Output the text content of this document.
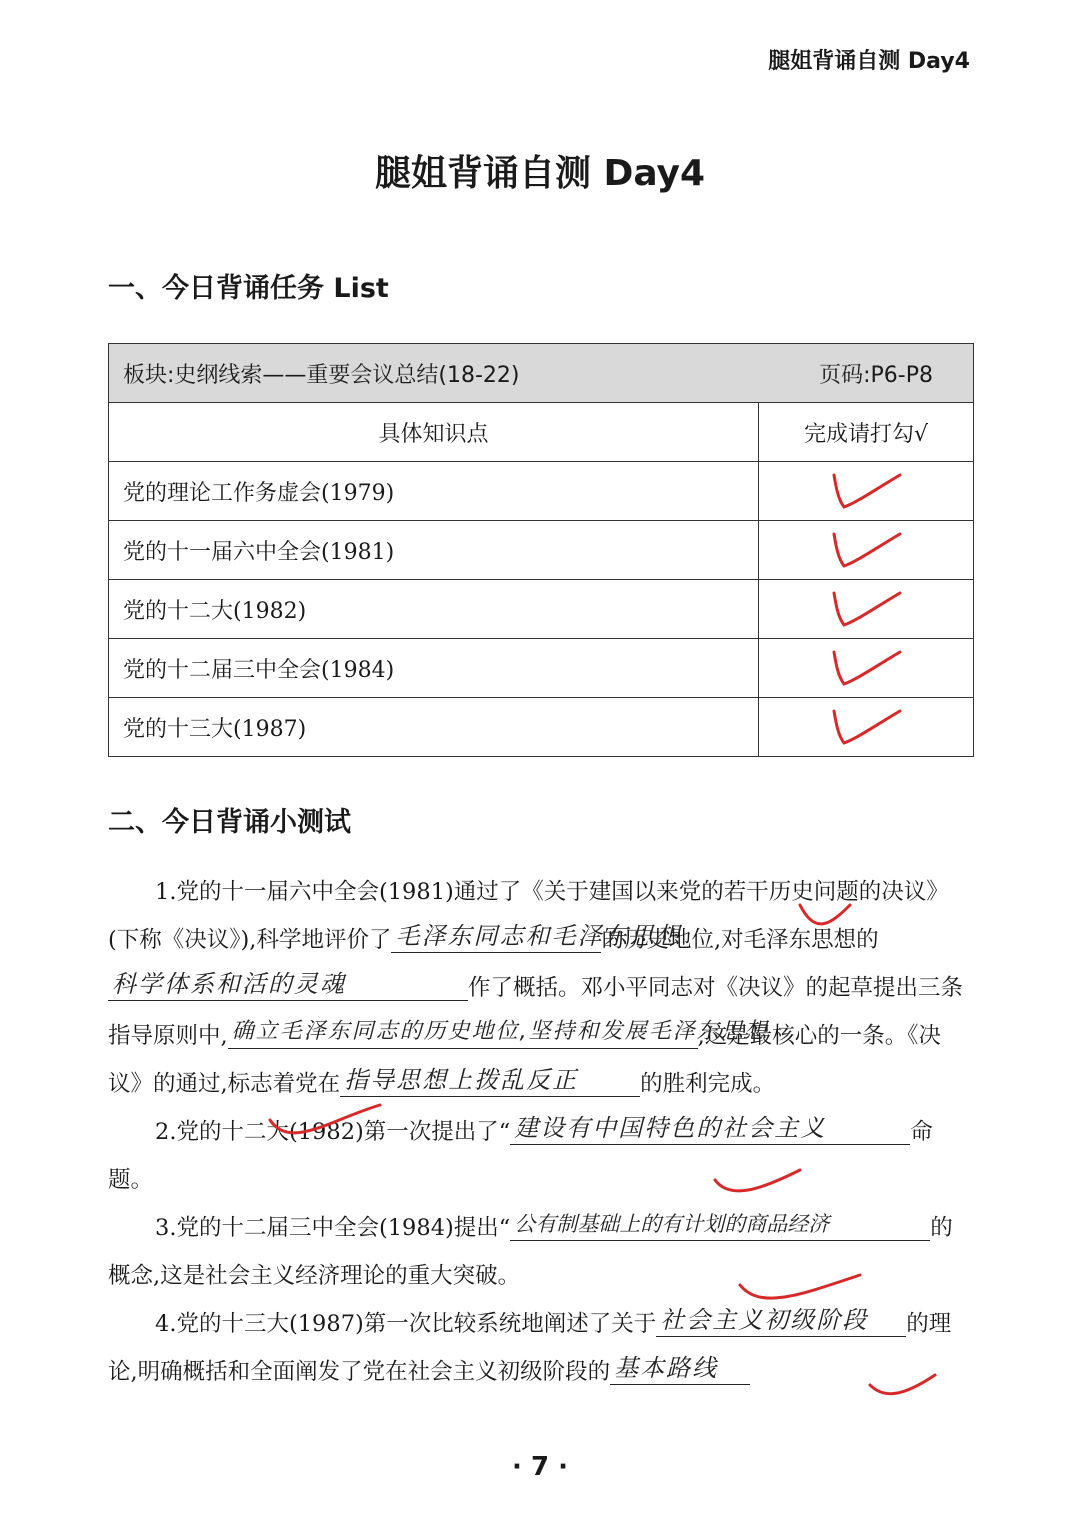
腿姐背诵自测 Day4
腿姐背诵自测 Day4
一、今日背诵任务 List
板块:史纲线索——重要会议总结(18-22) 页码:P6-P8	

具体知识点	完成请打勾√
党的理论工作务虚会(1979)	

党的十一届六中全会(1981)	

党的十二大(1982)	

党的十二届三中全会(1984)	

党的十三大(1987)	
二、今日背诵小测试

1.党的十一届六中全会(1981)通过了《关于建国以来党的若干历史问题的决议》(下称《决议》),科学地评价了 毛泽东同志和毛泽东思想
的历史地位,对毛泽东思想的
科学体系和活的灵魂	作了概括。邓小平同志对《决议》的起草提出三条指导原则中, 确立毛泽东同志的历史地位,坚持和发展毛泽东思想
,这是最核心的一条。《决议》的通过,标志着党在 指导思想上拨乱反正	的胜利完成。

2.党的十二大(1982)第一次提出了“ 建设有中国特色的社会主义	命题。

3.党的十二届三中全会(1984)提出“ 公有制基础上的有计划的商品经济	的概念,这是社会主义经济理论的重大突破。

4.党的十三大(1987)第一次比较系统地阐述了关于 社会主义初级阶段 的理论,明确概括和全面阐发了党在社会主义初级阶段的 基本路线

· 7 ·
